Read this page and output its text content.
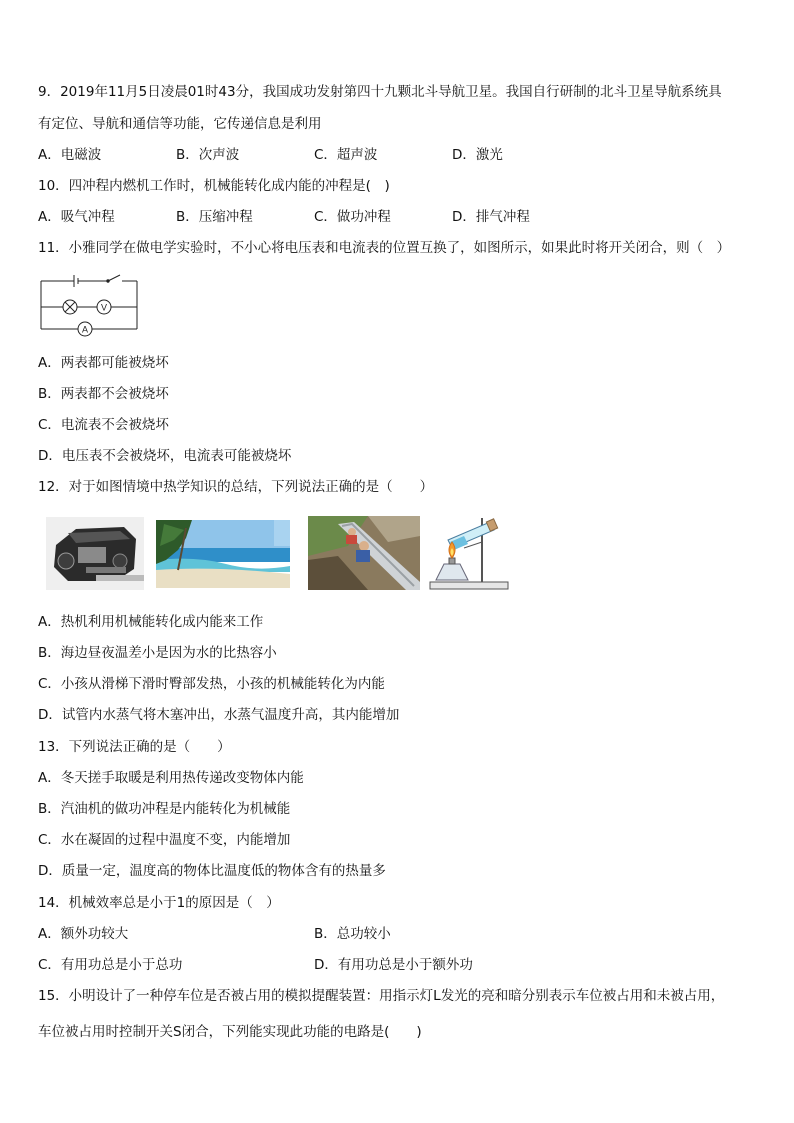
9．2019年11月5日凌晨01时43分，我国成功发射第四十九颗北斗导航卫星。我国自行研制的北斗卫星导航系统具
有定位、导航和通信等功能，它传递信息是利用
A．电磁波	B．次声波	C．超声波	D．激光
10．四冲程内燃机工作时，机械能转化成内能的冲程是(　)
A．吸气冲程	B．压缩冲程	C．做功冲程	D．排气冲程
11．小雅同学在做电学实验时，不小心将电压表和电流表的位置互换了，如图所示，如果此时将开关闭合，则（　）
V
A
A．两表都可能被烧坏
B．两表都不会被烧坏
C．电流表不会被烧坏
D．电压表不会被烧坏，电流表可能被烧坏
12．对于如图情境中热学知识的总结，下列说法正确的是（　　）
A．热机利用机械能转化成内能来工作
B．海边昼夜温差小是因为水的比热容小
C．小孩从滑梯下滑时臀部发热，小孩的机械能转化为内能
D．试管内水蒸气将木塞冲出，水蒸气温度升高，其内能增加
13．下列说法正确的是（　　）
A．冬天搓手取暖是利用热传递改变物体内能
B．汽油机的做功冲程是内能转化为机械能
C．水在凝固的过程中温度不变，内能增加
D．质量一定，温度高的物体比温度低的物体含有的热量多
14．机械效率总是小于1的原因是（　）
A．额外功较大	B．总功较小
C．有用功总是小于总功	D．有用功总是小于额外功
15．小明设计了一种停车位是否被占用的模拟提醒装置：用指示灯L发光的亮和暗分别表示车位被占用和未被占用，
车位被占用时控制开关S闭合，下列能实现此功能的电路是(　　)
